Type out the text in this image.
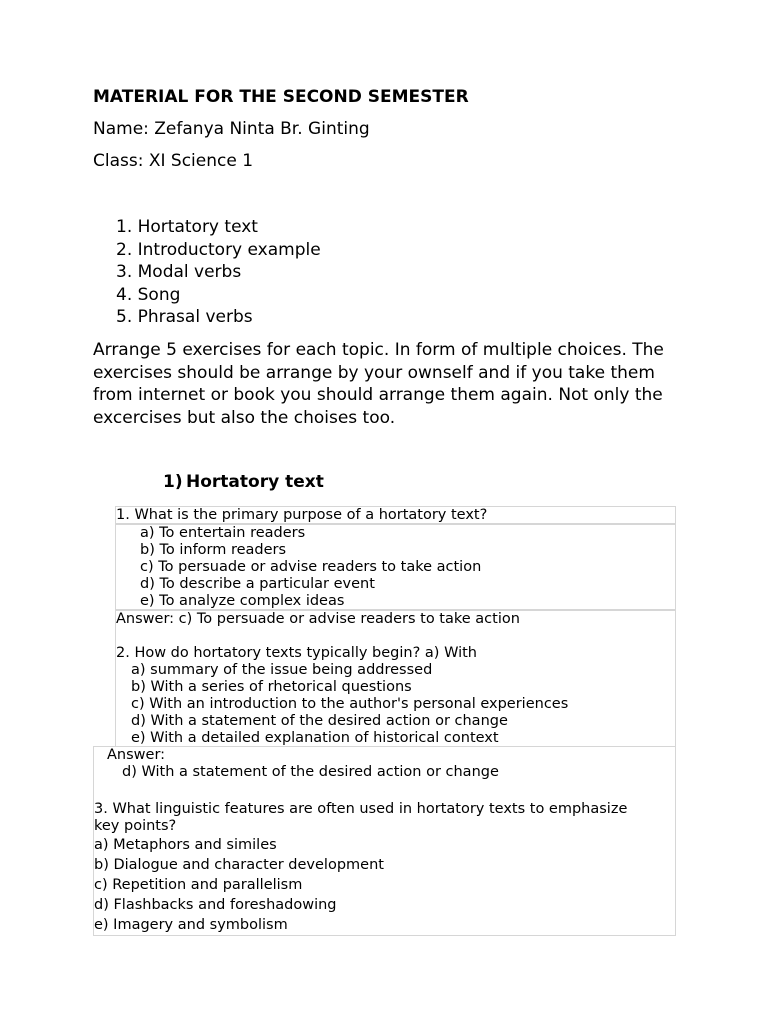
MATERIAL FOR THE SECOND SEMESTER

Name: Zefanya Ninta Br. Ginting

Class: XI Science 1

1. Hortatory text
2. Introductory example
3. Modal verbs
4. Song
5. Phrasal verbs

Arrange 5 exercises for each topic. In form of multiple choices. The exercises should be arrange by your ownself and if you take them from internet or book you should arrange them again. Not only the excercises but also the choises too.

1) Hortatory text

1. What is the primary purpose of a hortatory text?

a) To entertain readers

b) To inform readers

c) To persuade or advise readers to take action

d) To describe a particular event

e) To analyze complex ideas

Answer: c) To persuade or advise readers to take action

2. How do hortatory texts typically begin? a) With

a) summary of the issue being addressed

b) With a series of rhetorical questions

c) With an introduction to the author's personal experiences

d) With a statement of the desired action or change

e) With a detailed explanation of historical context

Answer:

d) With a statement of the desired action or change

3. What linguistic features are often used in hortatory texts to emphasize

key points?

a) Metaphors and similes

b) Dialogue and character development

c) Repetition and parallelism

d) Flashbacks and foreshadowing

e) Imagery and symbolism
